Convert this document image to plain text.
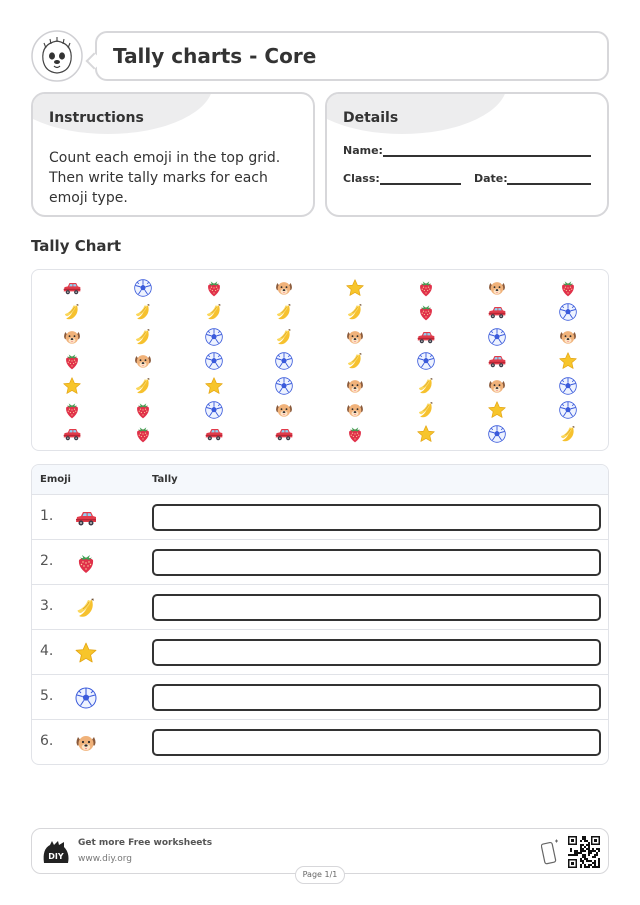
Tally charts - Core
Instructions
Count each emoji in the top grid. Then write tally marks for each emoji type.
Details
Name:
Class:	Date:
Tally Chart
Emoji	Tally
1.
2.
3.
4.
5.
6.
DIY
Get more Free worksheets
www.diy.org
Page 1/1
